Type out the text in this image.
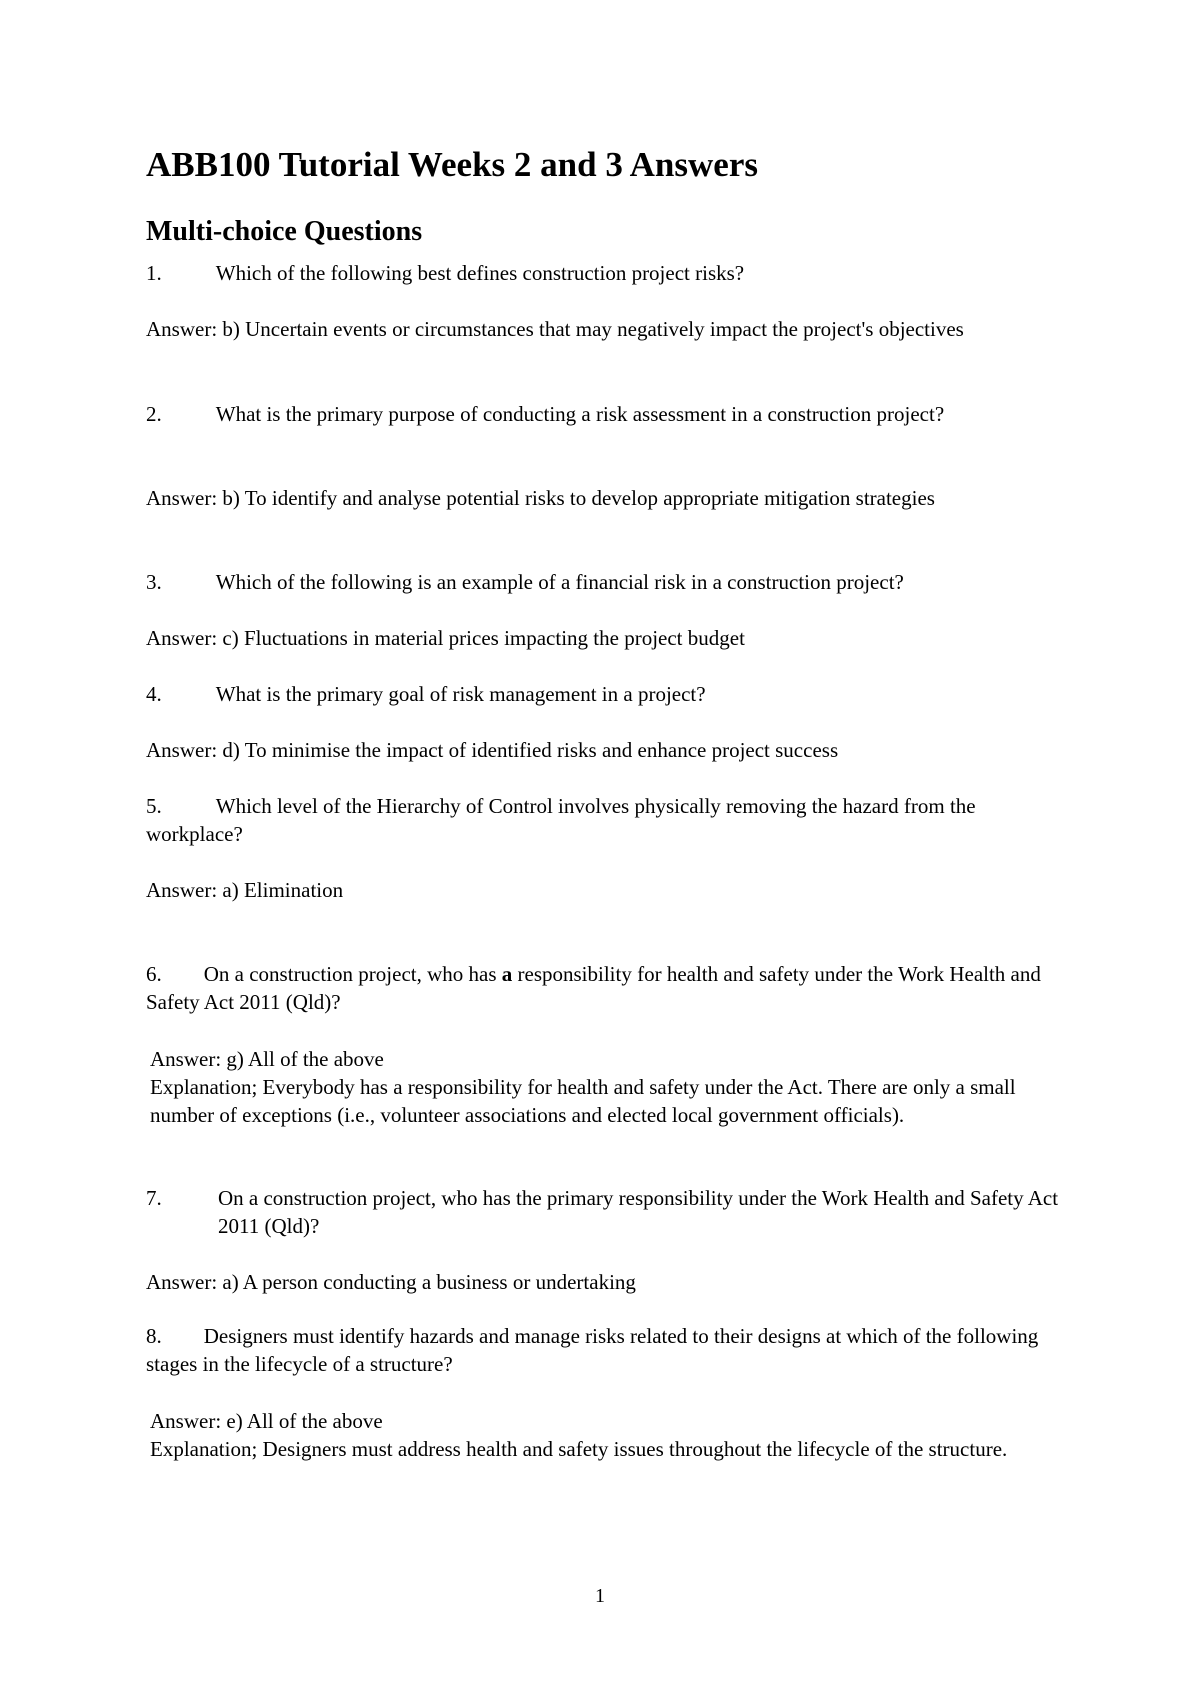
ABB100 Tutorial Weeks 2 and 3 Answers
Multi-choice Questions
1.	Which of the following best defines construction project risks?

Answer: b) Uncertain events or circumstances that may negatively impact the project's objectives

2.	What is the primary purpose of conducting a risk assessment in a construction project?

Answer: b) To identify and analyse potential risks to develop appropriate mitigation strategies

3.	Which of the following is an example of a financial risk in a construction project?

Answer: c) Fluctuations in material prices impacting the project budget

4.	What is the primary goal of risk management in a project?

Answer: d) To minimise the impact of identified risks and enhance project success

5.	Which level of the Hierarchy of Control involves physically removing the hazard from the workplace?

Answer: a) Elimination

6. On a construction project, who has a responsibility for health and safety under the Work Health and Safety Act 2011 (Qld)?

Answer: g) All of the above

Explanation; Everybody has a responsibility for health and safety under the Act. There are only a small number of exceptions (i.e., volunteer associations and elected local government officials).

7.	On a construction project, who has the primary responsibility under the Work Health and Safety Act 2011 (Qld)?

Answer: a) A person conducting a business or undertaking

8. Designers must identify hazards and manage risks related to their designs at which of the following stages in the lifecycle of a structure?

Answer: e) All of the above

Explanation; Designers must address health and safety issues throughout the lifecycle of the structure.

1
